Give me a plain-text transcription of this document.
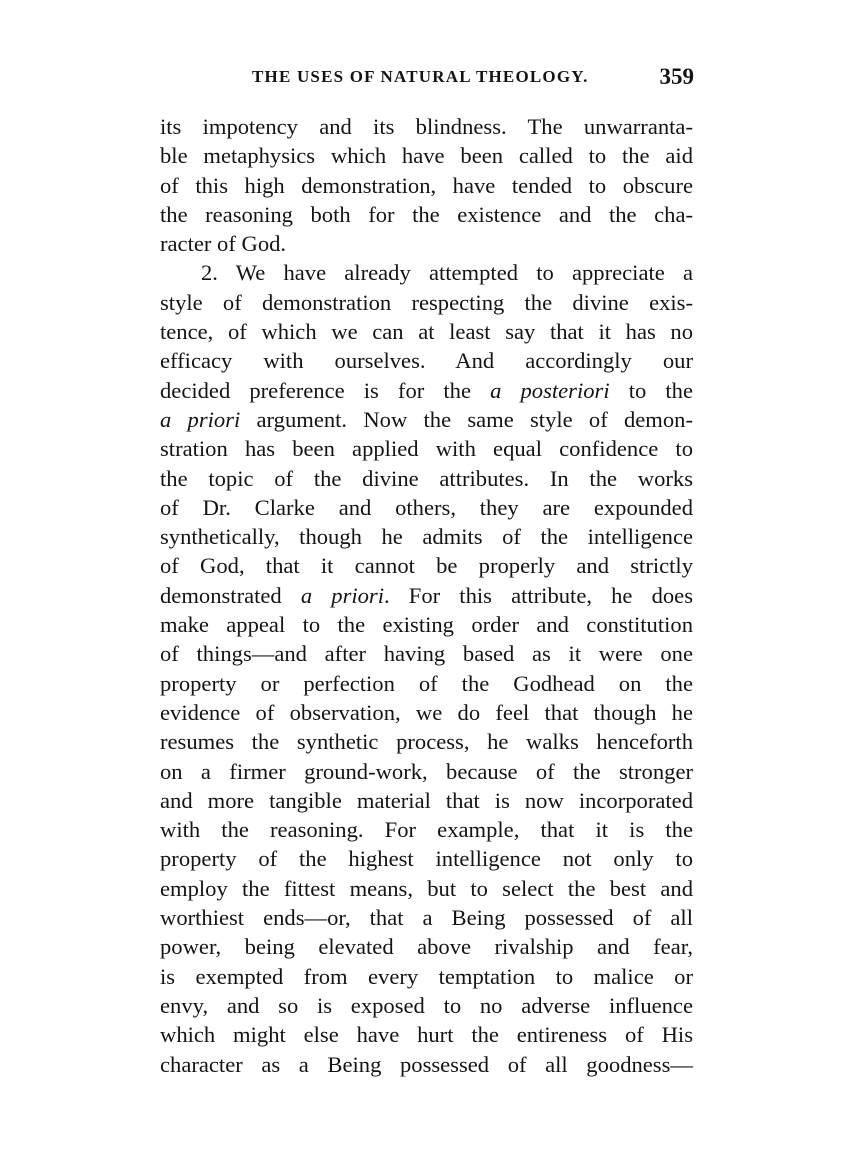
THE USES OF NATURAL THEOLOGY.	359
its impotency and its blindness. The unwarranta-
ble metaphysics which have been called to the aid
of this high demonstration, have tended to obscure
the reasoning both for the existence and the cha-
racter of God.
2. We have already attempted to appreciate a
style of demonstration respecting the divine exis-
tence, of which we can at least say that it has no
efficacy with ourselves. And accordingly our
decided preference is for the a posteriori to the
a priori argument. Now the same style of demon-
stration has been applied with equal confidence to
the topic of the divine attributes. In the works
of Dr. Clarke and others, they are expounded
synthetically, though he admits of the intelligence
of God, that it cannot be properly and strictly
demonstrated a priori. For this attribute, he does
make appeal to the existing order and constitution
of things—and after having based as it were one
property or perfection of the Godhead on the
evidence of observation, we do feel that though he
resumes the synthetic process, he walks henceforth
on a firmer ground-work, because of the stronger
and more tangible material that is now incorporated
with the reasoning. For example, that it is the
property of the highest intelligence not only to
employ the fittest means, but to select the best and
worthiest ends—or, that a Being possessed of all
power, being elevated above rivalship and fear,
is exempted from every temptation to malice or
envy, and so is exposed to no adverse influence
which might else have hurt the entireness of His
character as a Being possessed of all goodness—
